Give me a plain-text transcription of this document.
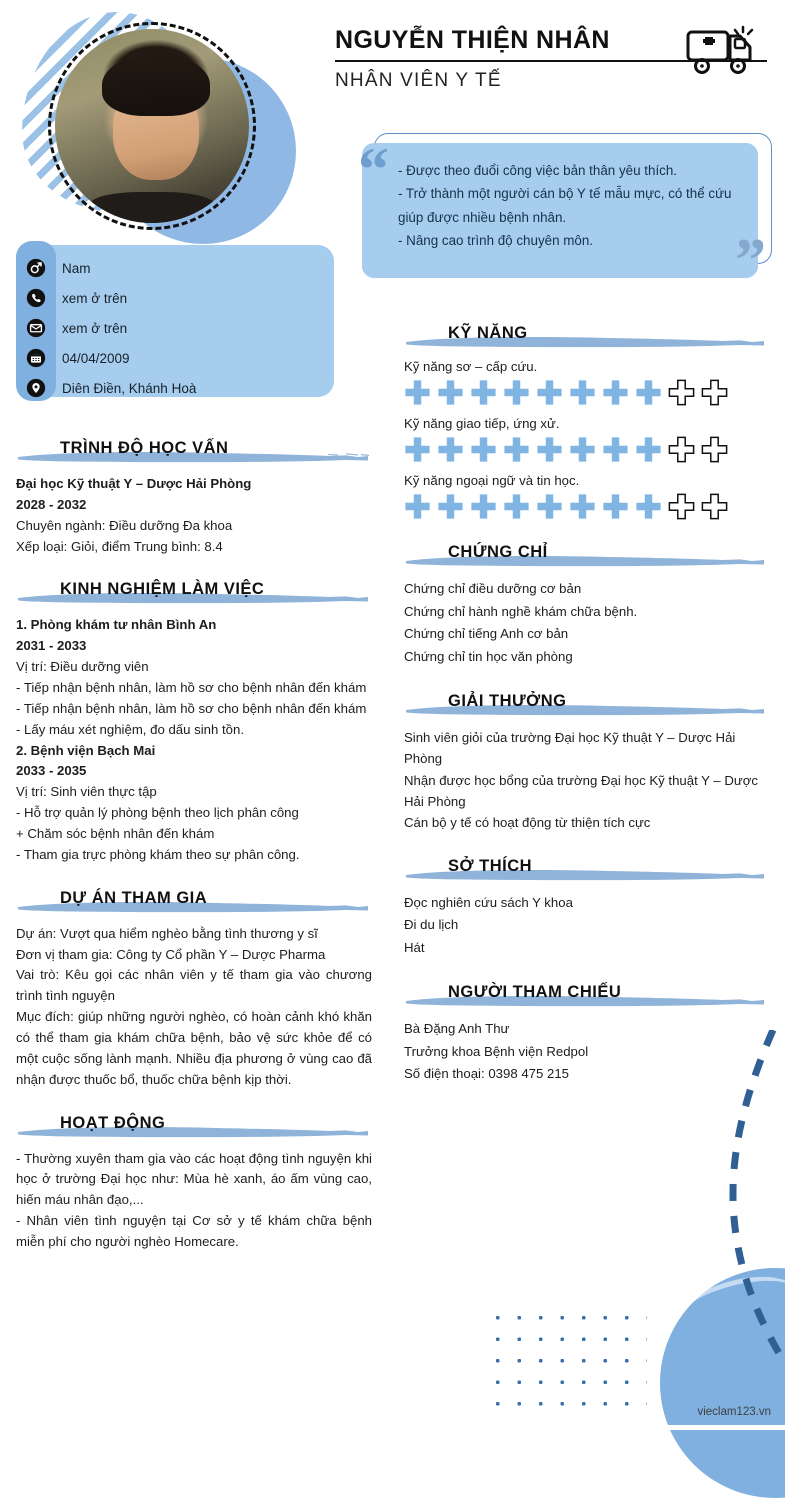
NGUYỄN THIỆN NHÂN
NHÂN VIÊN Y TẾ
“
”
- Được theo đuổi công việc bản thân yêu thích.
- Trở thành một người cán bộ Y tế mẫu mực, có thể cứu giúp được nhiều bệnh nhân.
- Nâng cao trình độ chuyên môn.
Nam
xem ở trên
xem ở trên
04/04/2009
Diên Điền, Khánh Hoà
TRÌNH ĐỘ HỌC VẤN
Đại học Kỹ thuật Y – Dược Hải Phòng
2028 - 2032
Chuyên ngành: Điều dưỡng Đa khoa
Xếp loại: Giỏi, điểm Trung bình: 8.4
KINH NGHIỆM LÀM VIỆC
1. Phòng khám tư nhân Bình An
2031 - 2033
Vị trí: Điều dưỡng viên
- Tiếp nhận bệnh nhân, làm hồ sơ cho bệnh nhân đến khám
- Tiếp nhận bệnh nhân, làm hồ sơ cho bệnh nhân đến khám
- Lấy máu xét nghiệm, đo dấu sinh tồn.
2. Bệnh viện Bạch Mai
2033 - 2035
Vị trí: Sinh viên thực tập
- Hỗ trợ quản lý phòng bệnh theo lịch phân công
+ Chăm sóc bệnh nhân đến khám
- Tham gia trực phòng khám theo sự phân công.
DỰ ÁN THAM GIA
Dự án: Vượt qua hiểm nghèo bằng tình thương y sĩ
Đơn vị tham gia: Công ty Cổ phần Y – Dược Pharma
Vai trò: Kêu gọi các nhân viên y tế tham gia vào chương trình tình nguyện
Mục đích: giúp những người nghèo, có hoàn cảnh khó khăn có thể tham gia khám chữa bệnh, bảo vệ sức khỏe để có một cuộc sống lành mạnh. Nhiều địa phương ở vùng cao đã nhận được thuốc bổ, thuốc chữa bệnh kịp thời.
HOẠT ĐỘNG
- Thường xuyên tham gia vào các hoạt động tình nguyện khi học ở trường Đại học như: Mùa hè xanh, áo ấm vùng cao, hiến máu nhân đạo,...
- Nhân viên tình nguyện tại Cơ sở y tế khám chữa bệnh miễn phí cho người nghèo Homecare.
KỸ NĂNG
Kỹ năng sơ – cấp cứu.
Kỹ năng giao tiếp, ứng xử.
Kỹ năng ngoại ngữ và tin học.
CHỨNG CHỈ
Chứng chỉ điều dưỡng cơ bản
Chứng chỉ hành nghề khám chữa bệnh.
Chứng chỉ tiếng Anh cơ bản
Chứng chỉ tin học văn phòng
GIẢI THƯỞNG
Sinh viên giỏi của trường Đại học Kỹ thuật Y – Dược Hải Phòng
Nhận được học bổng của trường Đại học Kỹ thuật Y – Dược Hải Phòng
Cán bộ y tế có hoạt động từ thiện tích cực
SỞ THÍCH
Đọc nghiên cứu sách Y khoa
Đi du lịch
Hát
NGƯỜI THAM CHIẾU
Bà Đặng Anh Thư
Trưởng khoa Bệnh viện Redpol
Số điện thoại: 0398 475 215
vieclam123.vn
